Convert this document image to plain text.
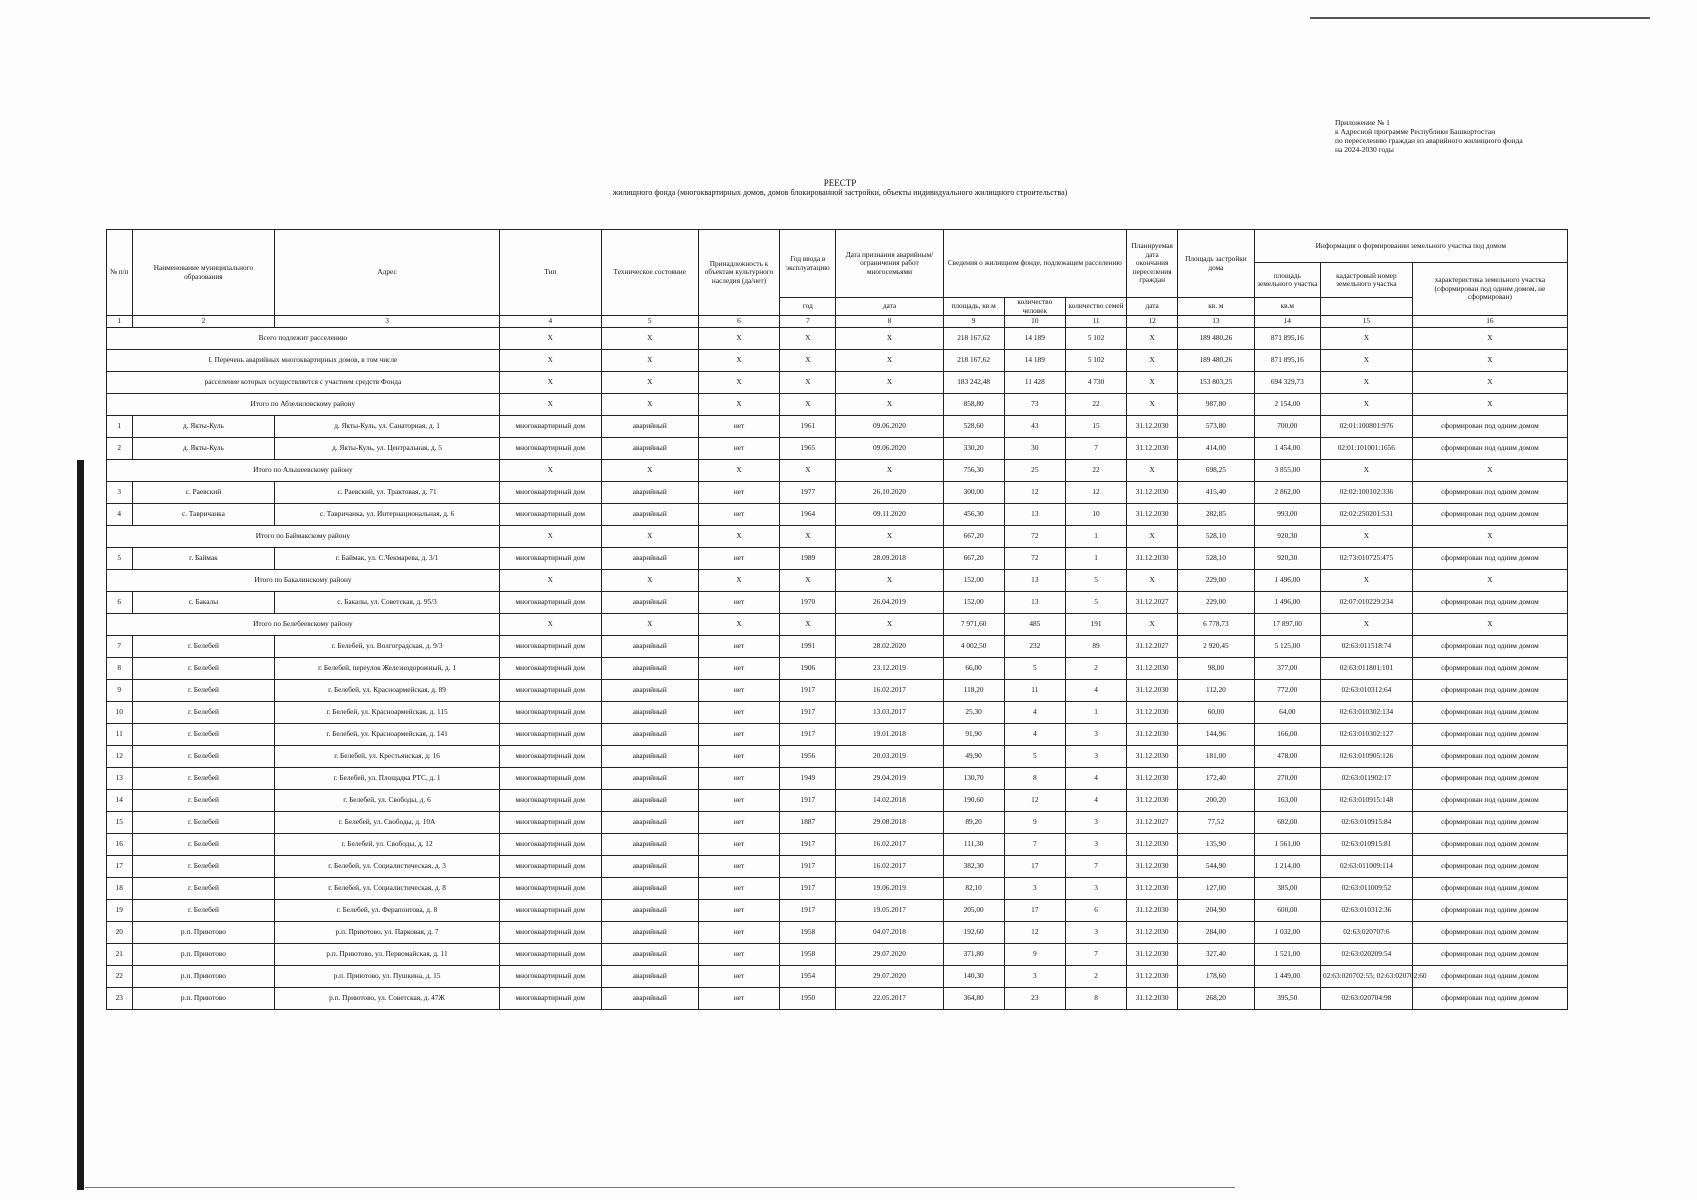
Приложение № 1
к Адресной программе Республики Башкортостан
по переселению граждан из аварийного жилищного фонда
на 2024-2030 годы
РЕЕСТР
жилищного фонда (многоквартирных домов, домов блокированной застройки, объекты индивидуального жилищного строительства)
№ п/п	Наименование муниципального образования	Адрес	Тип	Техническое состояние	Принадлежность к объектам культурного наследия (да/нет)	Год ввода в эксплуатацию	Дата признания аварийным/ограничения работ многосемьями	Сведения о жилищном фонде, подлежащем расселению			Планируемая дата окончания переселения граждан	Площадь застройки дома	Информация о формировании земельного участка под домом		
													площадь земельного участка	кадастровый номер земельного участка	характеристика земельного участка (сформирован под одним домом, не сформирован)
						год	дата	площадь, кв.м	количество человек	количество семей	дата	кв. м	кв.м		
1	2	3	4	5	6	7	8	9	10	11	12	13	14	15	16
Всего подлежит расселению			X	X	X	X	X	218 167,62	14 189	5 102	X	189 480,26	871 895,16	X	X
I. Перечень аварийных многоквартирных домов, в том числе			X	X	X	X	X	218 167,62	14 189	5 102	X	189 480,26	871 895,16	X	X
расселение которых осуществляется с участием средств Фонда			X	X	X	X	X	183 242,48	11 428	4 730	X	153 803,25	694 329,73	X	X
Итого по Абзелиловскому району			X	X	X	X	X	858,80	73	22	X	987,80	2 154,00	X	X
1	д. Якты-Куль	д. Якты-Куль, ул. Санаторная, д. 1	многоквартирный дом	аварийный	нет	1961	09.06.2020	528,60	43	15	31.12.2030	573,80	700,00	02:01:100801:976	сформирован под одним домом
2	д. Якты-Куль	д. Якты-Куль, ул. Центральная, д. 5	многоквартирный дом	аварийный	нет	1965	09.06.2020	330,20	30	7	31.12.2030	414,00	1 454,00	02:01:101001:1656	сформирован под одним домом
Итого по Альшеевскому району			X	X	X	X	X	756,30	25	22	X	698,25	3 855,00	X	X
3	с. Раевский	с. Раевский, ул. Трактовая, д. 71	многоквартирный дом	аварийный	нет	1977	26.10.2020	300,00	12	12	31.12.2030	415,40	2 862,00	02:02:100102:336	сформирован под одним домом
4	с. Тавричанка	с. Тавричанка, ул. Интернациональная, д. 6	многоквартирный дом	аварийный	нет	1964	09.11.2020	456,30	13	10	31.12.2030	282,85	993,00	02:02:250201:531	сформирован под одним домом
Итого по Баймакскому району			X	X	X	X	X	667,20	72	1	X	528,10	920,30	X	X
5	г. Баймак	г. Баймак, ул. С.Чекмарева, д. 3/1	многоквартирный дом	аварийный	нет	1989	28.09.2018	667,20	72	1	31.12.2030	528,10	920,30	02:73:010725:475	сформирован под одним домом
Итого по Бакалинскому району			X	X	X	X	X	152,00	13	5	X	229,00	1 496,00	X	X
6	с. Бакалы	с. Бакалы, ул. Советская, д. 95/3	многоквартирный дом	аварийный	нет	1970	26.04.2019	152,00	13	5	31.12.2027	229,00	1 496,00	02:07:010229:234	сформирован под одним домом
Итого по Белебеевскому району			X	X	X	X	X	7 971,60	485	191	X	6 778,73	17 897,00	X	X
7	г. Белебей	г. Белебей, ул. Волгоградская, д. 9/3	многоквартирный дом	аварийный	нет	1991	28.02.2020	4 002,50	232	89	31.12.2027	2 920,45	5 125,00	02:63:011518:74	сформирован под одним домом
8	г. Белебей	г. Белебей, переулок Железнодорожный, д. 1	многоквартирный дом	аварийный	нет	1906	23.12.2019	66,00	5	2	31.12.2030	98,00	377,00	02:63:011801:101	сформирован под одним домом
9	г. Белебей	г. Белебей, ул. Красноармейская, д. 89	многоквартирный дом	аварийный	нет	1917	16.02.2017	118,20	11	4	31.12.2030	112,20	772,00	02:63:010312:64	сформирован под одним домом
10	г. Белебей	г. Белебей, ул. Красноармейская, д. 115	многоквартирный дом	аварийный	нет	1917	13.03.2017	25,30	4	1	31.12.2030	60,00	64,00	02:63:010302:134	сформирован под одним домом
11	г. Белебей	г. Белебей, ул. Красноармейская, д. 141	многоквартирный дом	аварийный	нет	1917	19.01.2018	91,90	4	3	31.12.2030	144,96	166,00	02:63:010302:127	сформирован под одним домом
12	г. Белебей	г. Белебей, ул. Крестьянская, д. 16	многоквартирный дом	аварийный	нет	1956	20.03.2019	49,90	5	3	31.12.2030	181,00	478,00	02:63:010905:126	сформирован под одним домом
13	г. Белебей	г. Белебей, ул. Площадка РТС, д. 1	многоквартирный дом	аварийный	нет	1949	29.04.2019	130,70	8	4	31.12.2030	172,40	270,00	02:63:011902:17	сформирован под одним домом
14	г. Белебей	г. Белебей, ул. Свободы, д. 6	многоквартирный дом	аварийный	нет	1917	14.02.2018	190,60	12	4	31.12.2030	200,20	163,00	02:63:010915:148	сформирован под одним домом
15	г. Белебей	г. Белебей, ул. Свободы, д. 10А	многоквартирный дом	аварийный	нет	1887	29.08.2018	89,20	9	3	31.12.2027	77,52	682,00	02:63:010915:84	сформирован под одним домом
16	г. Белебей	г. Белебей, ул. Свободы, д. 12	многоквартирный дом	аварийный	нет	1917	16.02.2017	111,30	7	3	31.12.2030	135,90	1 561,00	02:63:010915:81	сформирован под одним домом
17	г. Белебей	г. Белебей, ул. Социалистическая, д. 3	многоквартирный дом	аварийный	нет	1917	16.02.2017	382,30	17	7	31.12.2030	544,90	1 214,00	02:63:011009:114	сформирован под одним домом
18	г. Белебей	г. Белебей, ул. Социалистическая, д. 8	многоквартирный дом	аварийный	нет	1917	19.06.2019	82,10	3	3	31.12.2030	127,00	385,00	02:63:011009:52	сформирован под одним домом
19	г. Белебей	г. Белебей, ул. Ферапонтова, д. 8	многоквартирный дом	аварийный	нет	1917	19.05.2017	205,00	17	6	31.12.2030	204,90	600,00	02:63:010312:36	сформирован под одним домом
20	р.п. Приютово	р.п. Приютово, ул. Парковая, д. 7	многоквартирный дом	аварийный	нет	1958	04.07.2018	192,60	12	3	31.12.2030	284,00	1 032,00	02:63:020707:6	сформирован под одним домом
21	р.п. Приютово	р.п. Приютово, ул. Первомайская, д. 11	многоквартирный дом	аварийный	нет	1958	29.07.2020	371,80	9	7	31.12.2030	327,40	1 521,00	02:63:020209:54	сформирован под одним домом
22	р.п. Приютово	р.п. Приютово, ул. Пушкина, д. 15	многоквартирный дом	аварийный	нет	1954	29.07.2020	140,30	3	2	31.12.2030	178,60	1 449,00	02:63:020702:55; 02:63:020702:60	сформирован под одним домом
23	р.п. Приютово	р.п. Приютово, ул. Советская, д. 47Ж	многоквартирный дом	аварийный	нет	1950	22.05.2017	364,80	23	8	31.12.2030	268,20	395,50	02:63:020704:98	сформирован под одним домом
